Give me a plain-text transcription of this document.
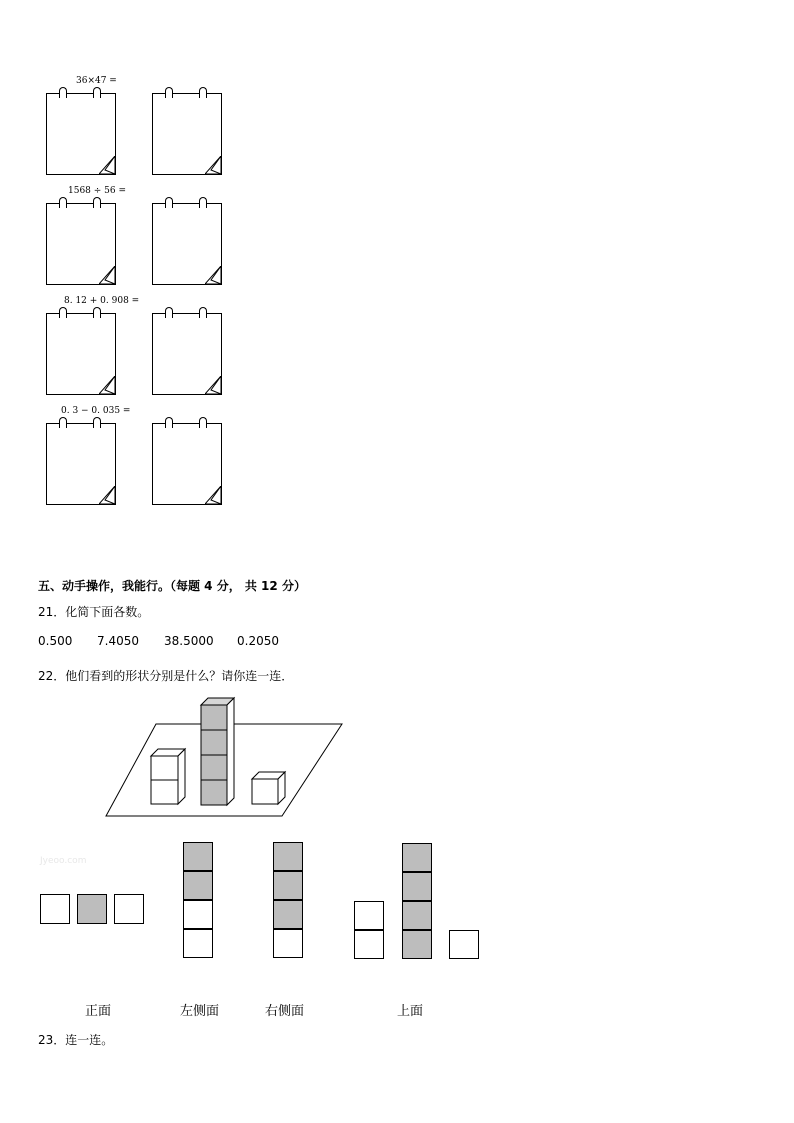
36×47 =
1568 ÷ 56 =
8. 12 + 0. 908 =
0. 3 − 0. 035 =
五、动手操作，我能行。（每题 4 分， 共 12 分）
21．化简下面各数。
0.500 7.4050 38.5000 0.2050
22．他们看到的形状分别是什么？请你连一连．
Jyeoo.com
正面	左侧面	右侧面	上面
23．连一连。
